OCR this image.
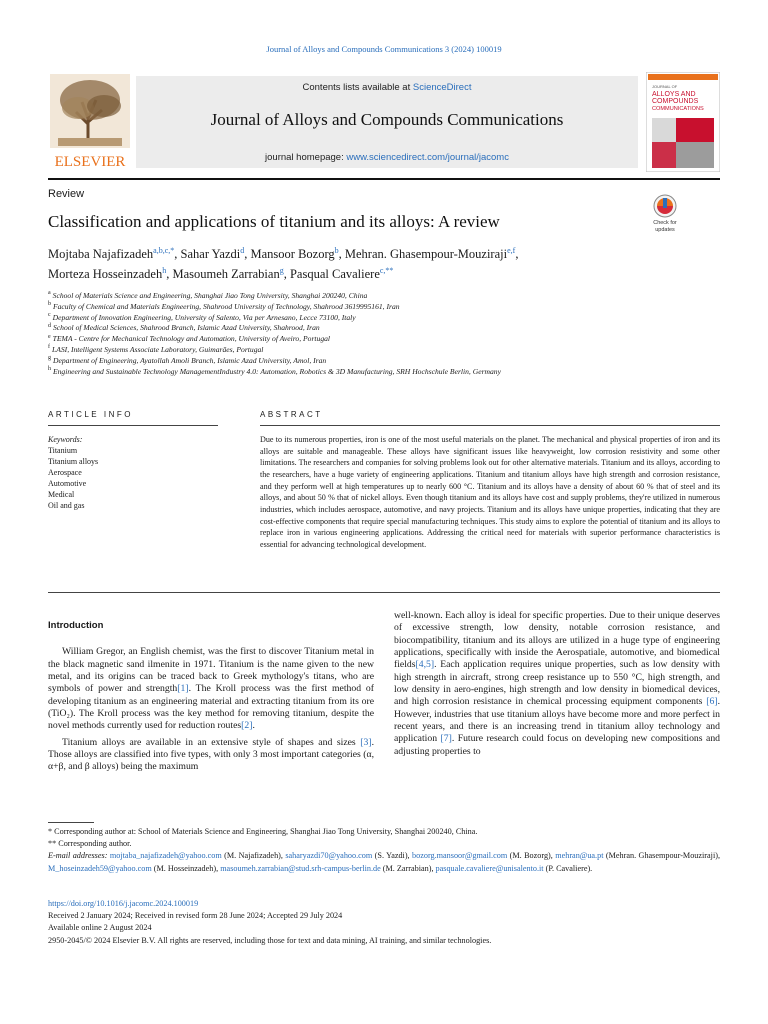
Journal of Alloys and Compounds Communications 3 (2024) 100019
ELSEVIER
Contents lists available at ScienceDirect
Journal of Alloys and Compounds Communications
journal homepage: www.sciencedirect.com/journal/jacomc
JOURNAL OF
ALLOYS AND
COMPOUNDS
COMMUNICATIONS
Review
Classification and applications of titanium and its alloys: A review	Check for
updates
Mojtaba Najafizadeh$^{a,b,c,*}$, Sahar Yazdi$^d$, Mansoor Bozorg$^b$, Mehran. Ghasempour-Mouziraji$^{e,f}$,
Morteza Hosseinzadeh$^h$, Masoumeh Zarrabian$^g$, Pasqual Cavaliere$^{c,**}$
$^a$ School of Materials Science and Engineering, Shanghai Jiao Tong University, Shanghai 200240, China
$^b$ Faculty of Chemical and Materials Engineering, Shahrood University of Technology, Shahrood 3619995161, Iran
$^c$ Department of Innovation Engineering, University of Salento, Via per Arnesano, Lecce 73100, Italy
$^d$ School of Medical Sciences, Shahrood Branch, Islamic Azad University, Shahrood, Iran
$^e$ TEMA - Centre for Mechanical Technology and Automation, University of Aveiro, Portugal
$^f$ LASI, Intelligent Systems Associate Laboratory, Guimarães, Portugal
$^g$ Department of Engineering, Ayatollah Amoli Branch, Islamic Azad University, Amol, Iran
$^h$ Engineering and Sustainable Technology ManagementIndustry 4.0: Automation, Robotics & 3D Manufacturing, SRH Hochschule Berlin, Germany
ARTICLE INFO	ABSTRACT
Keywords:
Titanium
Titanium alloys
Aerospace
Automotive
Medical
Oil and gas
Due to its numerous properties, iron is one of the most useful materials on the planet. The mechanical and physical properties of iron and its alloys are suitable and manageable. These alloys have significant issues like heavyweight, low corrosion resistivity and some other limitations. The researchers and companies for solving problems look out for other alternative materials. Titanium and its alloys, according to the researchers, have a huge variety of engineering applications. Titanium and titanium alloys have high strength and corrosion resistance, and they perform well at high temperatures up to nearly 600 °C. Titanium and its alloys have a density of about 60 % that of steel and its alloys, and about 50 % that of nickel alloys. Even though titanium and its alloys have cost and supply problems, they're utilized in numerous industries, which includes aerospace, automotive, and navy projects. Titanium and its alloys have unique properties, indicating that they are cost-effective components that require special manufacturing techniques. This study aims to explore the potential of titanium and its alloys to replace iron in various engineering applications. Addressing the critical need for materials with superior performance characteristics is essential for advancing technological development.
Introduction

William Gregor, an English chemist, was the first to discover Titanium metal in the black magnetic sand ilmenite in 1971. Titanium is the name given to the new metal, and its origins can be traced back to Greek mythology's titans, who are symbols of power and strength[1]. The Kroll process was the first method of developing titanium as an engineering material and extracting titanium from its ore (TiO₂). The Kroll process was the key method for removing titanium, despite the novel methods currently used for reduction routes[2].

Titanium alloys are available in an extensive style of shapes and sizes [3]. Those alloys are classified into five types, with only 3 most important categories (α, α+β, and β alloys) being the maximum

well-known. Each alloy is ideal for specific properties. Due to their unique deserves of excessive strength, low density, notable corrosion resistance, and biocompatibility, titanium and its alloys are utilized in a huge type of engineering applications, specifically with inside the Aerospatiale, automotive, and biomedical fields[4,5]. Each application requires unique properties, such as low density with high strength in aircraft, strong creep resistance up to 550 °C, high strength, and low density in aero-engines, high strength and low density in biomedical devices, and high corrosion resistance in chemical processing equipment components [6]. However, industries that use titanium alloys have become more and more perfect in recent years, and there is an increasing trend in titanium alloy technology and application [7]. Future research could focus on developing new compositions and adjusting properties to

* Corresponding author at: School of Materials Science and Engineering, Shanghai Jiao Tong University, Shanghai 200240, China.
** Corresponding author.
E-mail addresses: mojtaba_najafizadeh@yahoo.com (M. Najafizadeh), saharyazdi70@yahoo.com (S. Yazdi), bozorg.mansoor@gmail.com (M. Bozorg), mehran@ua.pt (Mehran. Ghasempour-Mouziraji), M_hoseinzadeh59@yahoo.com (M. Hosseinzadeh), masoumeh.zarrabian@stud.srh-campus-berlin.de (M. Zarrabian), pasquale.cavaliere@unisalento.it (P. Cavaliere).
https://doi.org/10.1016/j.jacomc.2024.100019
Received 2 January 2024; Received in revised form 28 June 2024; Accepted 29 July 2024
Available online 2 August 2024
2950-2045/© 2024 Elsevier B.V. All rights are reserved, including those for text and data mining, AI training, and similar technologies.
